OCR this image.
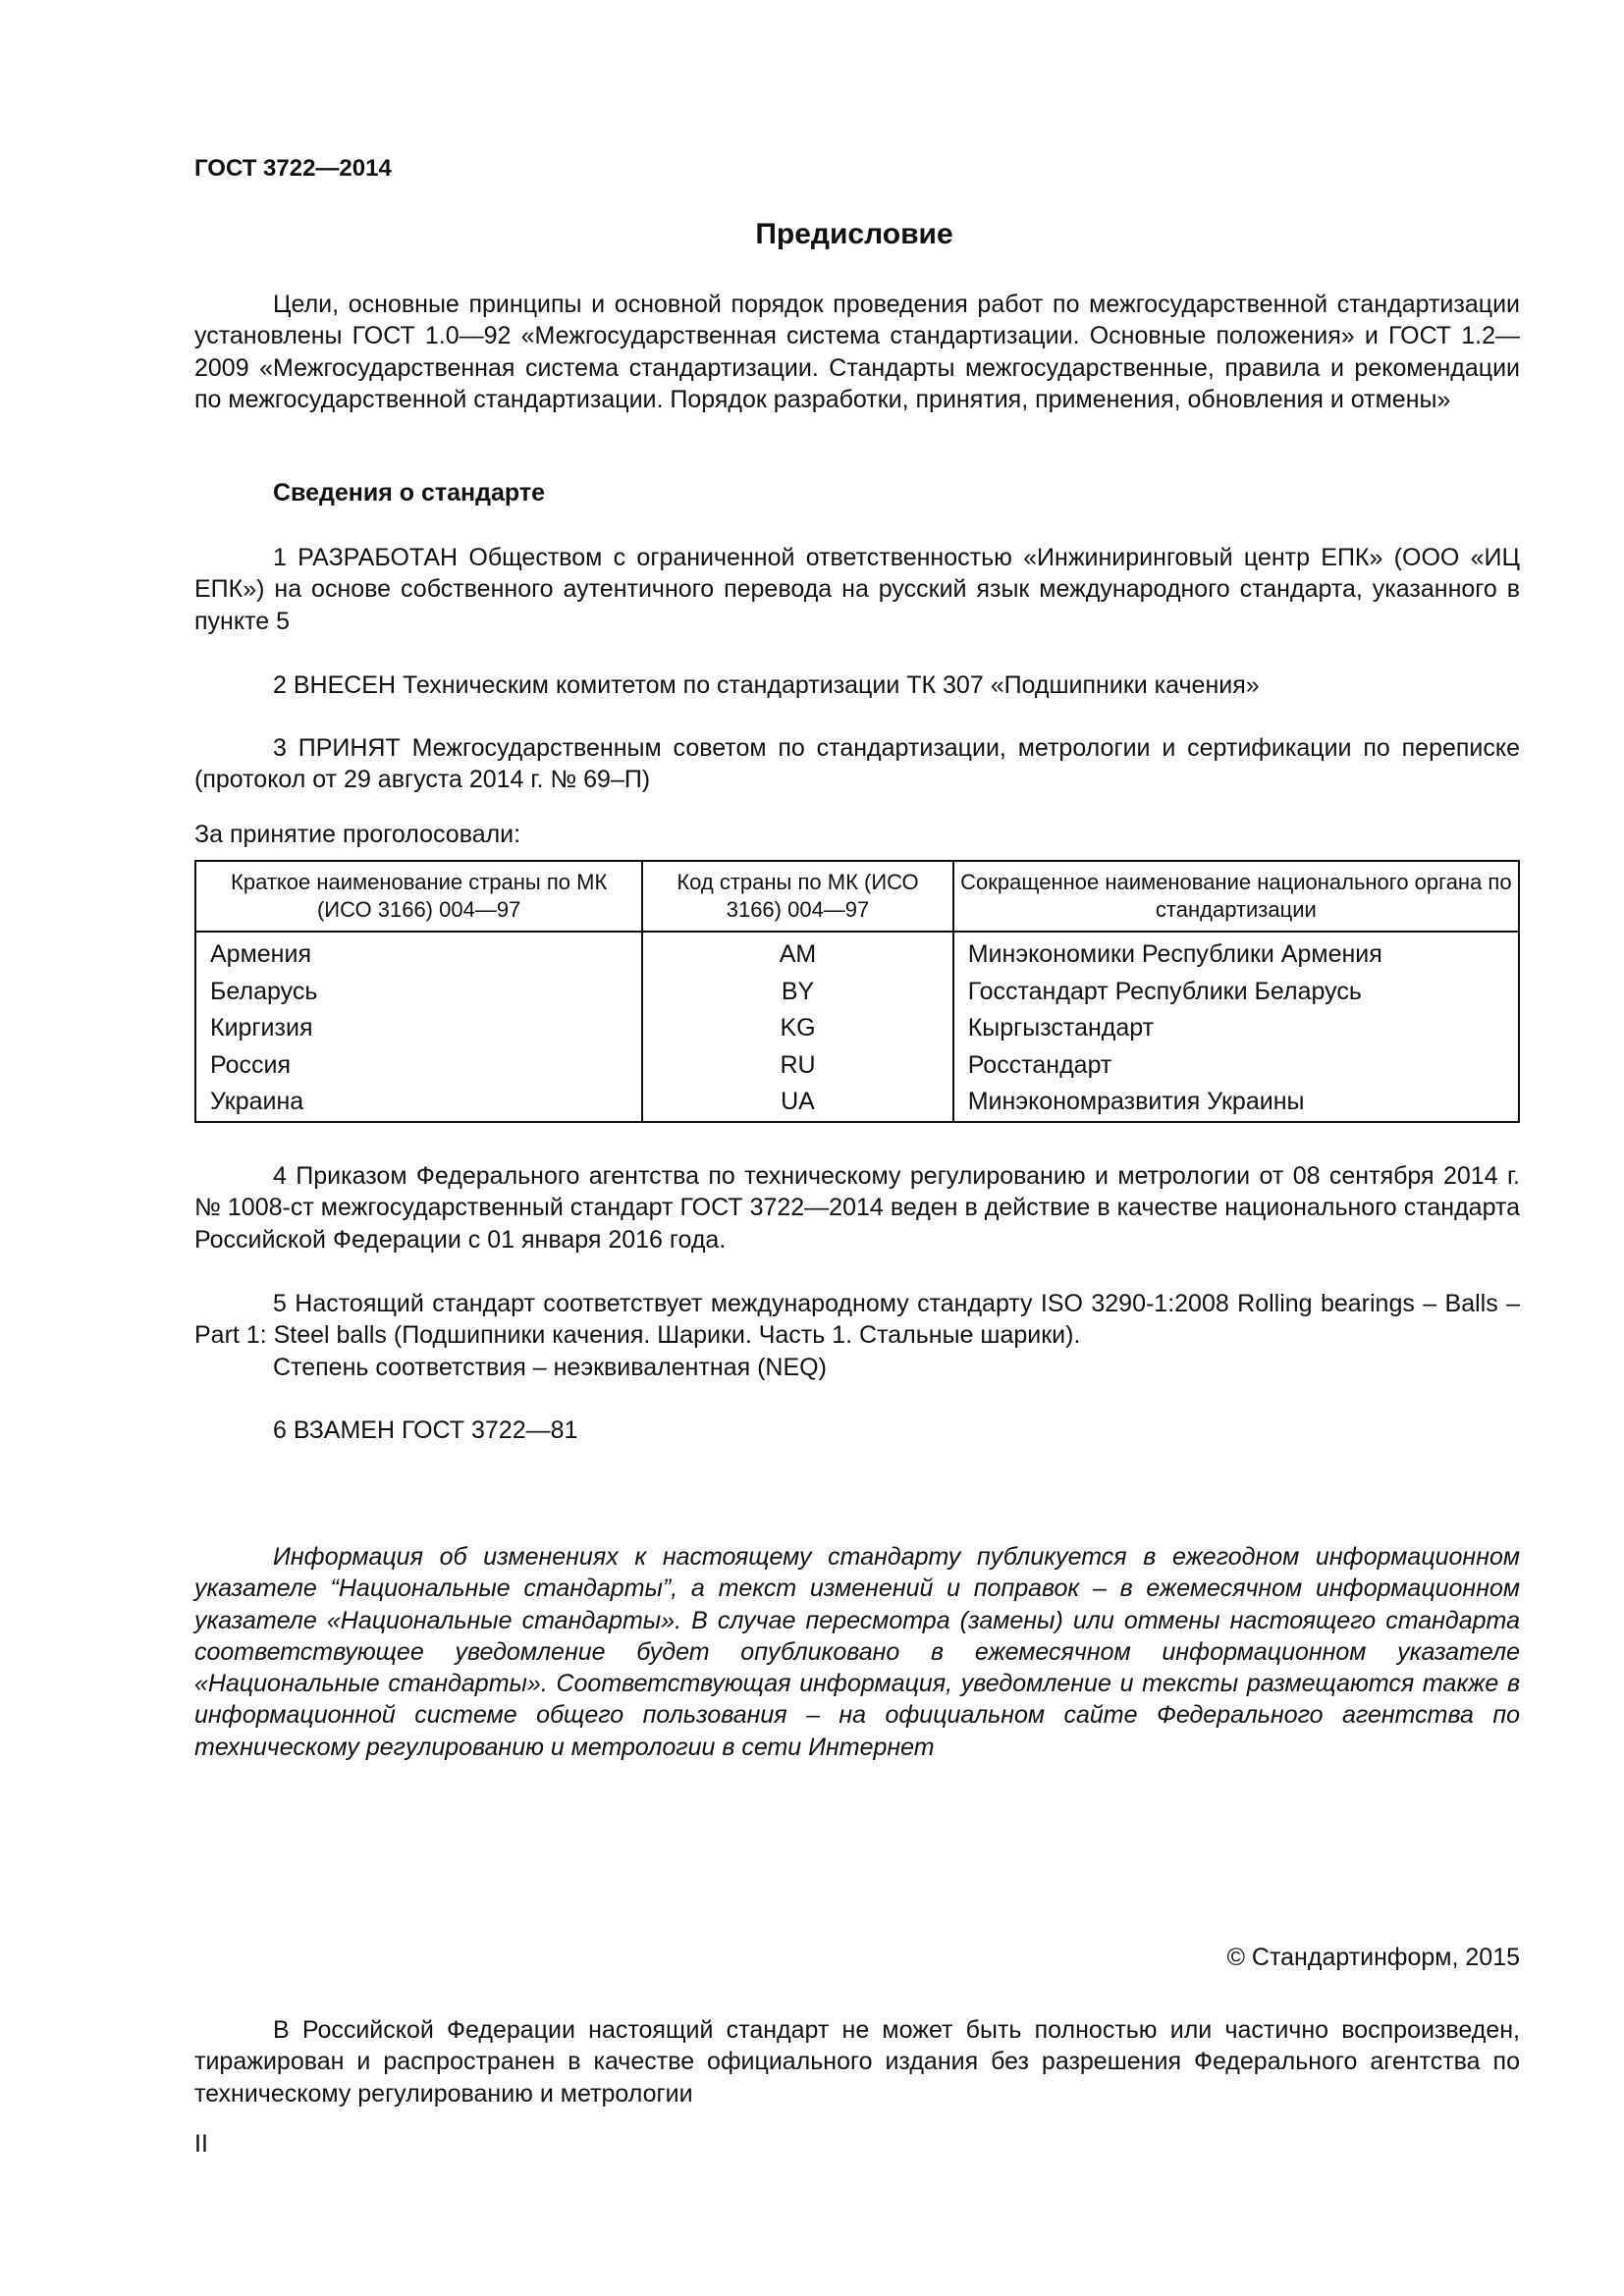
ГОСТ 3722—2014
Предисловие
Цели, основные принципы и основной порядок проведения работ по межгосударственной стандартизации установлены ГОСТ 1.0—92 «Межгосударственная система стандартизации. Основные положения» и ГОСТ 1.2—2009 «Межгосударственная система стандартизации. Стандарты межгосударственные, правила и рекомендации по межгосударственной стандартизации. Порядок разработки, принятия, применения, обновления и отмены»
Сведения о стандарте
1 РАЗРАБОТАН Обществом с ограниченной ответственностью «Инжиниринговый центр ЕПК» (ООО «ИЦ ЕПК») на основе собственного аутентичного перевода на русский язык международного стандарта, указанного в пункте 5
2 ВНЕСЕН Техническим комитетом по стандартизации ТК 307 «Подшипники качения»
3 ПРИНЯТ Межгосударственным советом по стандартизации, метрологии и сертификации по переписке (протокол от 29 августа 2014 г. № 69–П)
За принятие проголосовали:
Краткое наименование страны по МК (ИСО 3166) 004—97	Код страны по МК (ИСО 3166) 004—97	Сокращенное наименование национального органа по стандартизации
Армения	AM	Минэкономики Республики Армения
Беларусь	BY	Госстандарт Республики Беларусь
Киргизия	KG	Кыргызстандарт
Россия	RU	Росстандарт
Украина	UA	Минэкономразвития Украины
4 Приказом Федерального агентства по техническому регулированию и метрологии от 08 сентября 2014 г. № 1008-ст межгосударственный стандарт ГОСТ 3722—2014 веден в действие в качестве национального стандарта Российской Федерации с 01 января 2016 года.
5 Настоящий стандарт соответствует международному стандарту ISO 3290-1:2008 Rolling bearings – Balls – Part 1: Steel balls (Подшипники качения. Шарики. Часть 1. Стальные шарики).
Степень соответствия – неэквивалентная (NEQ)
6 ВЗАМЕН ГОСТ 3722—81
Информация об изменениях к настоящему стандарту публикуется в ежегодном информационном указателе “Национальные стандарты”, а текст изменений и поправок – в ежемесячном информационном указателе «Национальные стандарты». В случае пересмотра (замены) или отмены настоящего стандарта соответствующее уведомление будет опубликовано в ежемесячном информационном указателе «Национальные стандарты». Соответствующая информация, уведомление и тексты размещаются также в информационной системе общего пользования – на официальном сайте Федерального агентства по техническому регулированию и метрологии в сети Интернет
© Стандартинформ, 2015
В Российской Федерации настоящий стандарт не может быть полностью или частично воспроизведен, тиражирован и распространен в качестве официального издания без разрешения Федерального агентства по техническому регулированию и метрологии
II
